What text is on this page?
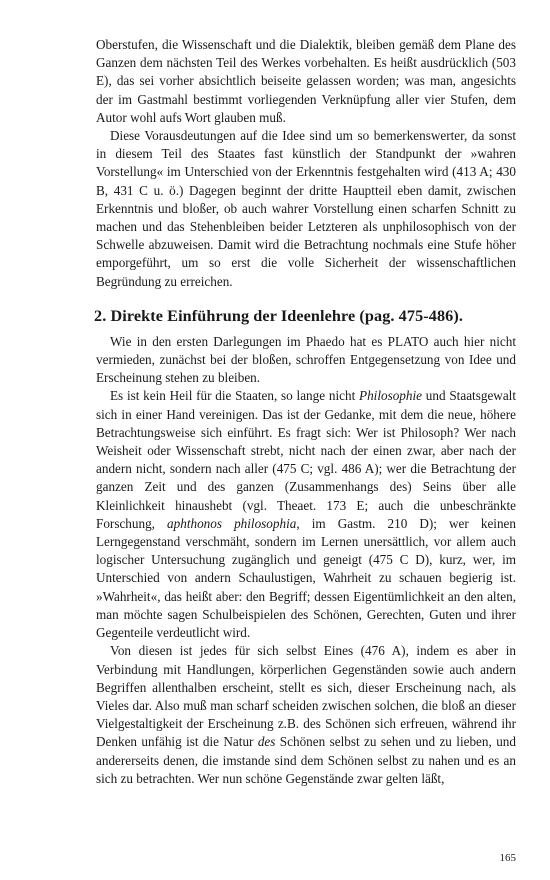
Oberstufen, die Wissenschaft und die Dialektik, bleiben gemäß dem Plane des Ganzen dem nächsten Teil des Werkes vorbehalten. Es heißt ausdrücklich (503 E), das sei vorher absichtlich beiseite gelassen worden; was man, angesichts der im Gastmahl bestimmt vorliegenden Verknüpfung aller vier Stufen, dem Autor wohl aufs Wort glauben muß.

Diese Vorausdeutungen auf die Idee sind um so bemerkenswerter, da sonst in diesem Teil des Staates fast künstlich der Standpunkt der »wahren Vorstellung« im Unterschied von der Erkenntnis festgehalten wird (413 A; 430 B, 431 C u. ö.) Dagegen beginnt der dritte Hauptteil eben damit, zwischen Erkenntnis und bloßer, ob auch wahrer Vorstellung einen scharfen Schnitt zu machen und das Stehenbleiben beider Letzteren als unphilosophisch von der Schwelle abzuweisen. Damit wird die Betrachtung nochmals eine Stufe höher emporgeführt, um so erst die volle Sicherheit der wissenschaftlichen Begründung zu erreichen.

2. Direkte Einführung der Ideenlehre (pag. 475-486).

Wie in den ersten Darlegungen im Phaedo hat es PLATO auch hier nicht vermieden, zunächst bei der bloßen, schroffen Entgegensetzung von Idee und Erscheinung stehen zu bleiben.

Es ist kein Heil für die Staaten, so lange nicht Philosophie und Staatsgewalt sich in einer Hand vereinigen. Das ist der Gedanke, mit dem die neue, höhere Betrachtungsweise sich einführt. Es fragt sich: Wer ist Philosoph? Wer nach Weisheit oder Wissenschaft strebt, nicht nach der einen zwar, aber nach der andern nicht, sondern nach aller (475 C; vgl. 486 A); wer die Betrachtung der ganzen Zeit und des ganzen (Zusammenhangs des) Seins über alle Kleinlichkeit hinaushebt (vgl. Theaet. 173 E; auch die unbeschränkte Forschung, aphthonos philosophia, im Gastm. 210 D); wer keinen Lerngegenstand verschmäht, sondern im Lernen unersättlich, vor allem auch logischer Untersuchung zugänglich und geneigt (475 C D), kurz, wer, im Unterschied von andern Schaulustigen, Wahrheit zu schauen begierig ist. »Wahrheit«, das heißt aber: den Begriff; dessen Eigentümlichkeit an den alten, man möchte sagen Schulbeispielen des Schönen, Gerechten, Guten und ihrer Gegenteile verdeutlicht wird.

Von diesen ist jedes für sich selbst Eines (476 A), indem es aber in Verbindung mit Handlungen, körperlichen Gegenständen sowie auch andern Begriffen allenthalben erscheint, stellt es sich, dieser Erscheinung nach, als Vieles dar. Also muß man scharf scheiden zwischen solchen, die bloß an dieser Vielgestaltigkeit der Erscheinung z.B. des Schönen sich erfreuen, während ihr Denken unfähig ist die Natur des Schönen selbst zu sehen und zu lieben, und andererseits denen, die imstande sind dem Schönen selbst zu nahen und es an sich zu betrachten. Wer nun schöne Gegenstände zwar gelten läßt,

165
